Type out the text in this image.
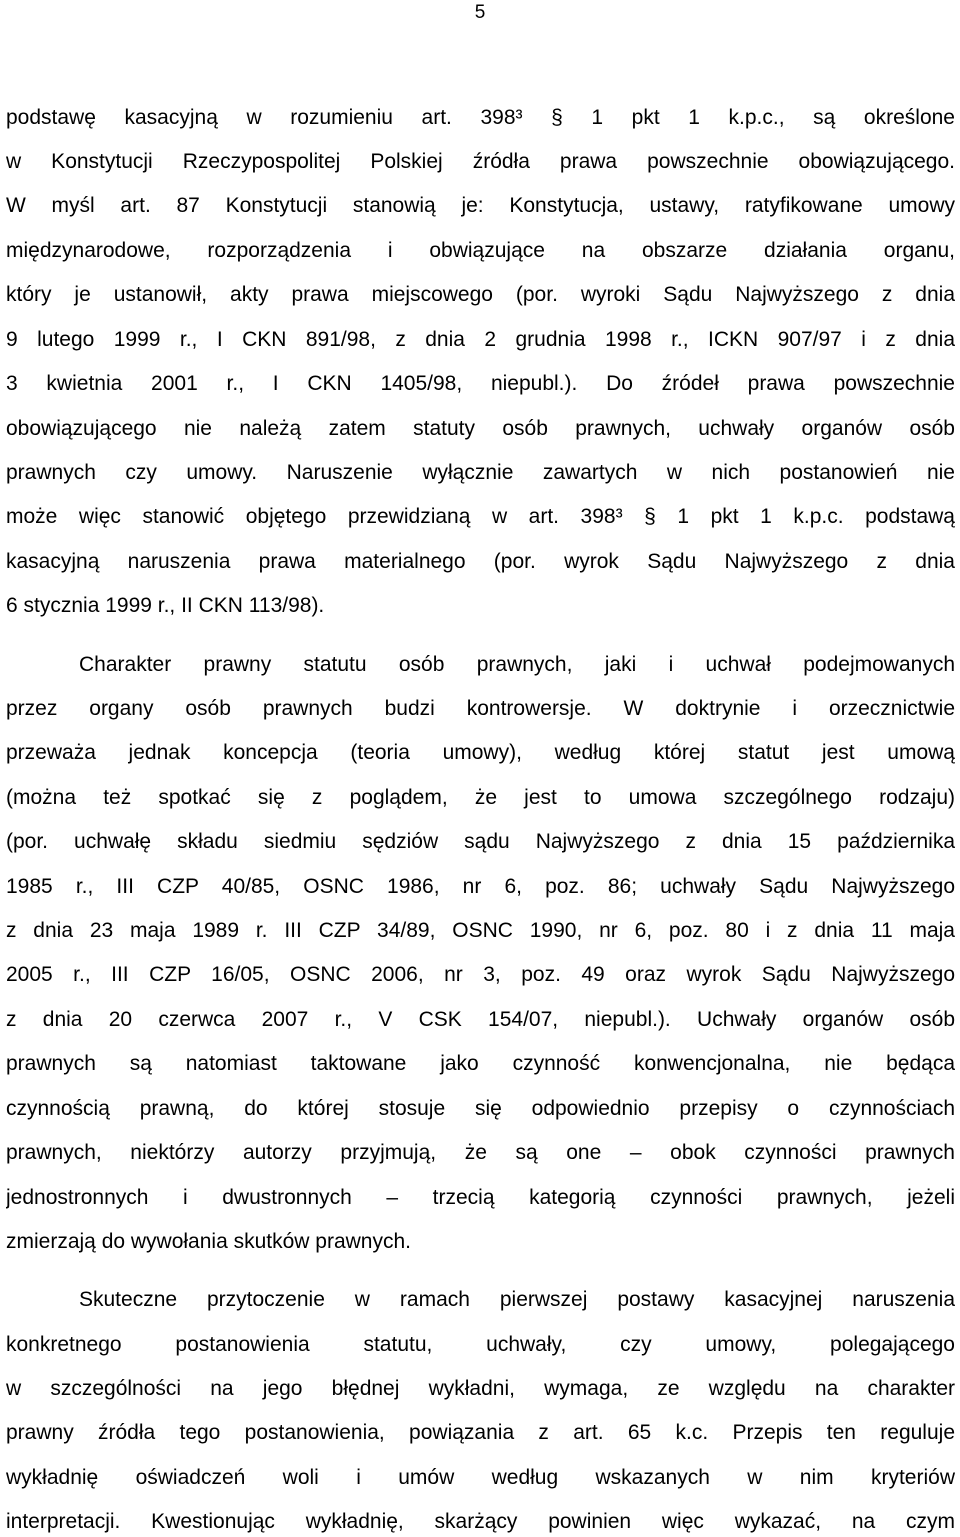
5
podstawę kasacyjną w rozumieniu art. 398³ § 1 pkt 1 k.p.c., są określone
w Konstytucji Rzeczypospolitej Polskiej źródła prawa powszechnie obowiązującego.
W myśl art. 87 Konstytucji stanowią je: Konstytucja, ustawy, ratyfikowane umowy
międzynarodowe, rozporządzenia i obwiązujące na obszarze działania organu,
który je ustanowił, akty prawa miejscowego (por. wyroki Sądu Najwyższego z dnia
9 lutego 1999 r., I CKN 891/98, z dnia 2 grudnia 1998 r., ICKN 907/97 i z dnia
3 kwietnia 2001 r., I CKN 1405/98, niepubl.). Do źródeł prawa powszechnie
obowiązującego nie należą zatem statuty osób prawnych, uchwały organów osób
prawnych czy umowy. Naruszenie wyłącznie zawartych w nich postanowień nie
może więc stanowić objętego przewidzianą w art. 398³ § 1 pkt 1 k.p.c. podstawą
kasacyjną naruszenia prawa materialnego (por. wyrok Sądu Najwyższego z dnia
6 stycznia 1999 r., II CKN 113/98).
Charakter prawny statutu osób prawnych, jaki i uchwał podejmowanych
przez organy osób prawnych budzi kontrowersje. W doktrynie i orzecznictwie
przeważa jednak koncepcja (teoria umowy), według której statut jest umową
(można też spotkać się z poglądem, że jest to umowa szczególnego rodzaju)
(por. uchwałę składu siedmiu sędziów sądu Najwyższego z dnia 15 października
1985 r., III CZP 40/85, OSNC 1986, nr 6, poz. 86; uchwały Sądu Najwyższego
z dnia 23 maja 1989 r. III CZP 34/89, OSNC 1990, nr 6, poz. 80 i z dnia 11 maja
2005 r., III CZP 16/05, OSNC 2006, nr 3, poz. 49 oraz wyrok Sądu Najwyższego
z dnia 20 czerwca 2007 r., V CSK 154/07, niepubl.). Uchwały organów osób
prawnych są natomiast taktowane jako czynność konwencjonalna, nie będąca
czynnością prawną, do której stosuje się odpowiednio przepisy o czynnościach
prawnych, niektórzy autorzy przyjmują, że są one – obok czynności prawnych
jednostronnych i dwustronnych – trzecią kategorią czynności prawnych, jeżeli
zmierzają do wywołania skutków prawnych.
Skuteczne przytoczenie w ramach pierwszej postawy kasacyjnej naruszenia
konkretnego postanowienia statutu, uchwały, czy umowy, polegającego
w szczególności na jego błędnej wykładni, wymaga, ze względu na charakter
prawny źródła tego postanowienia, powiązania z art. 65 k.c. Przepis ten reguluje
wykładnię oświadczeń woli i umów według wskazanych w nim kryteriów
interpretacji. Kwestionując wykładnię, skarżący powinien więc wykazać, na czym
